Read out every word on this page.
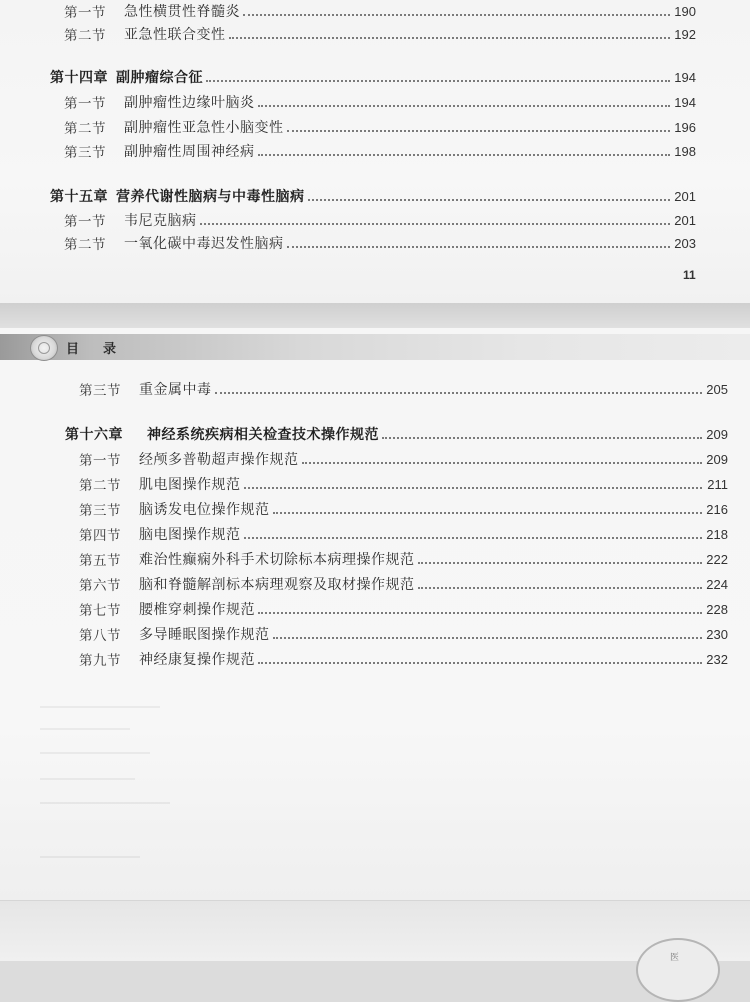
第一节	急性横贯性脊髓炎	190
第二节	亚急性联合变性	192
第十四章 副肿瘤综合征	194
第一节	副肿瘤性边缘叶脑炎	194
第二节	副肿瘤性亚急性小脑变性	196
第三节	副肿瘤性周围神经病	198
第十五章 营养代谢性脑病与中毒性脑病	201
第一节	韦尼克脑病	201
第二节	一氧化碳中毒迟发性脑病	203
11
目录
第三节	重金属中毒	205
第十六章	神经系统疾病相关检查技术操作规范	209
第一节	经颅多普勒超声操作规范	209
第二节	肌电图操作规范	211
第三节	脑诱发电位操作规范	216
第四节	脑电图操作规范	218
第五节	难治性癫痫外科手术切除标本病理操作规范	222
第六节	脑和脊髓解剖标本病理观察及取材操作规范	224
第七节	腰椎穿刺操作规范	228
第八节	多导睡眠图操作规范	230
第九节	神经康复操作规范	232
医
